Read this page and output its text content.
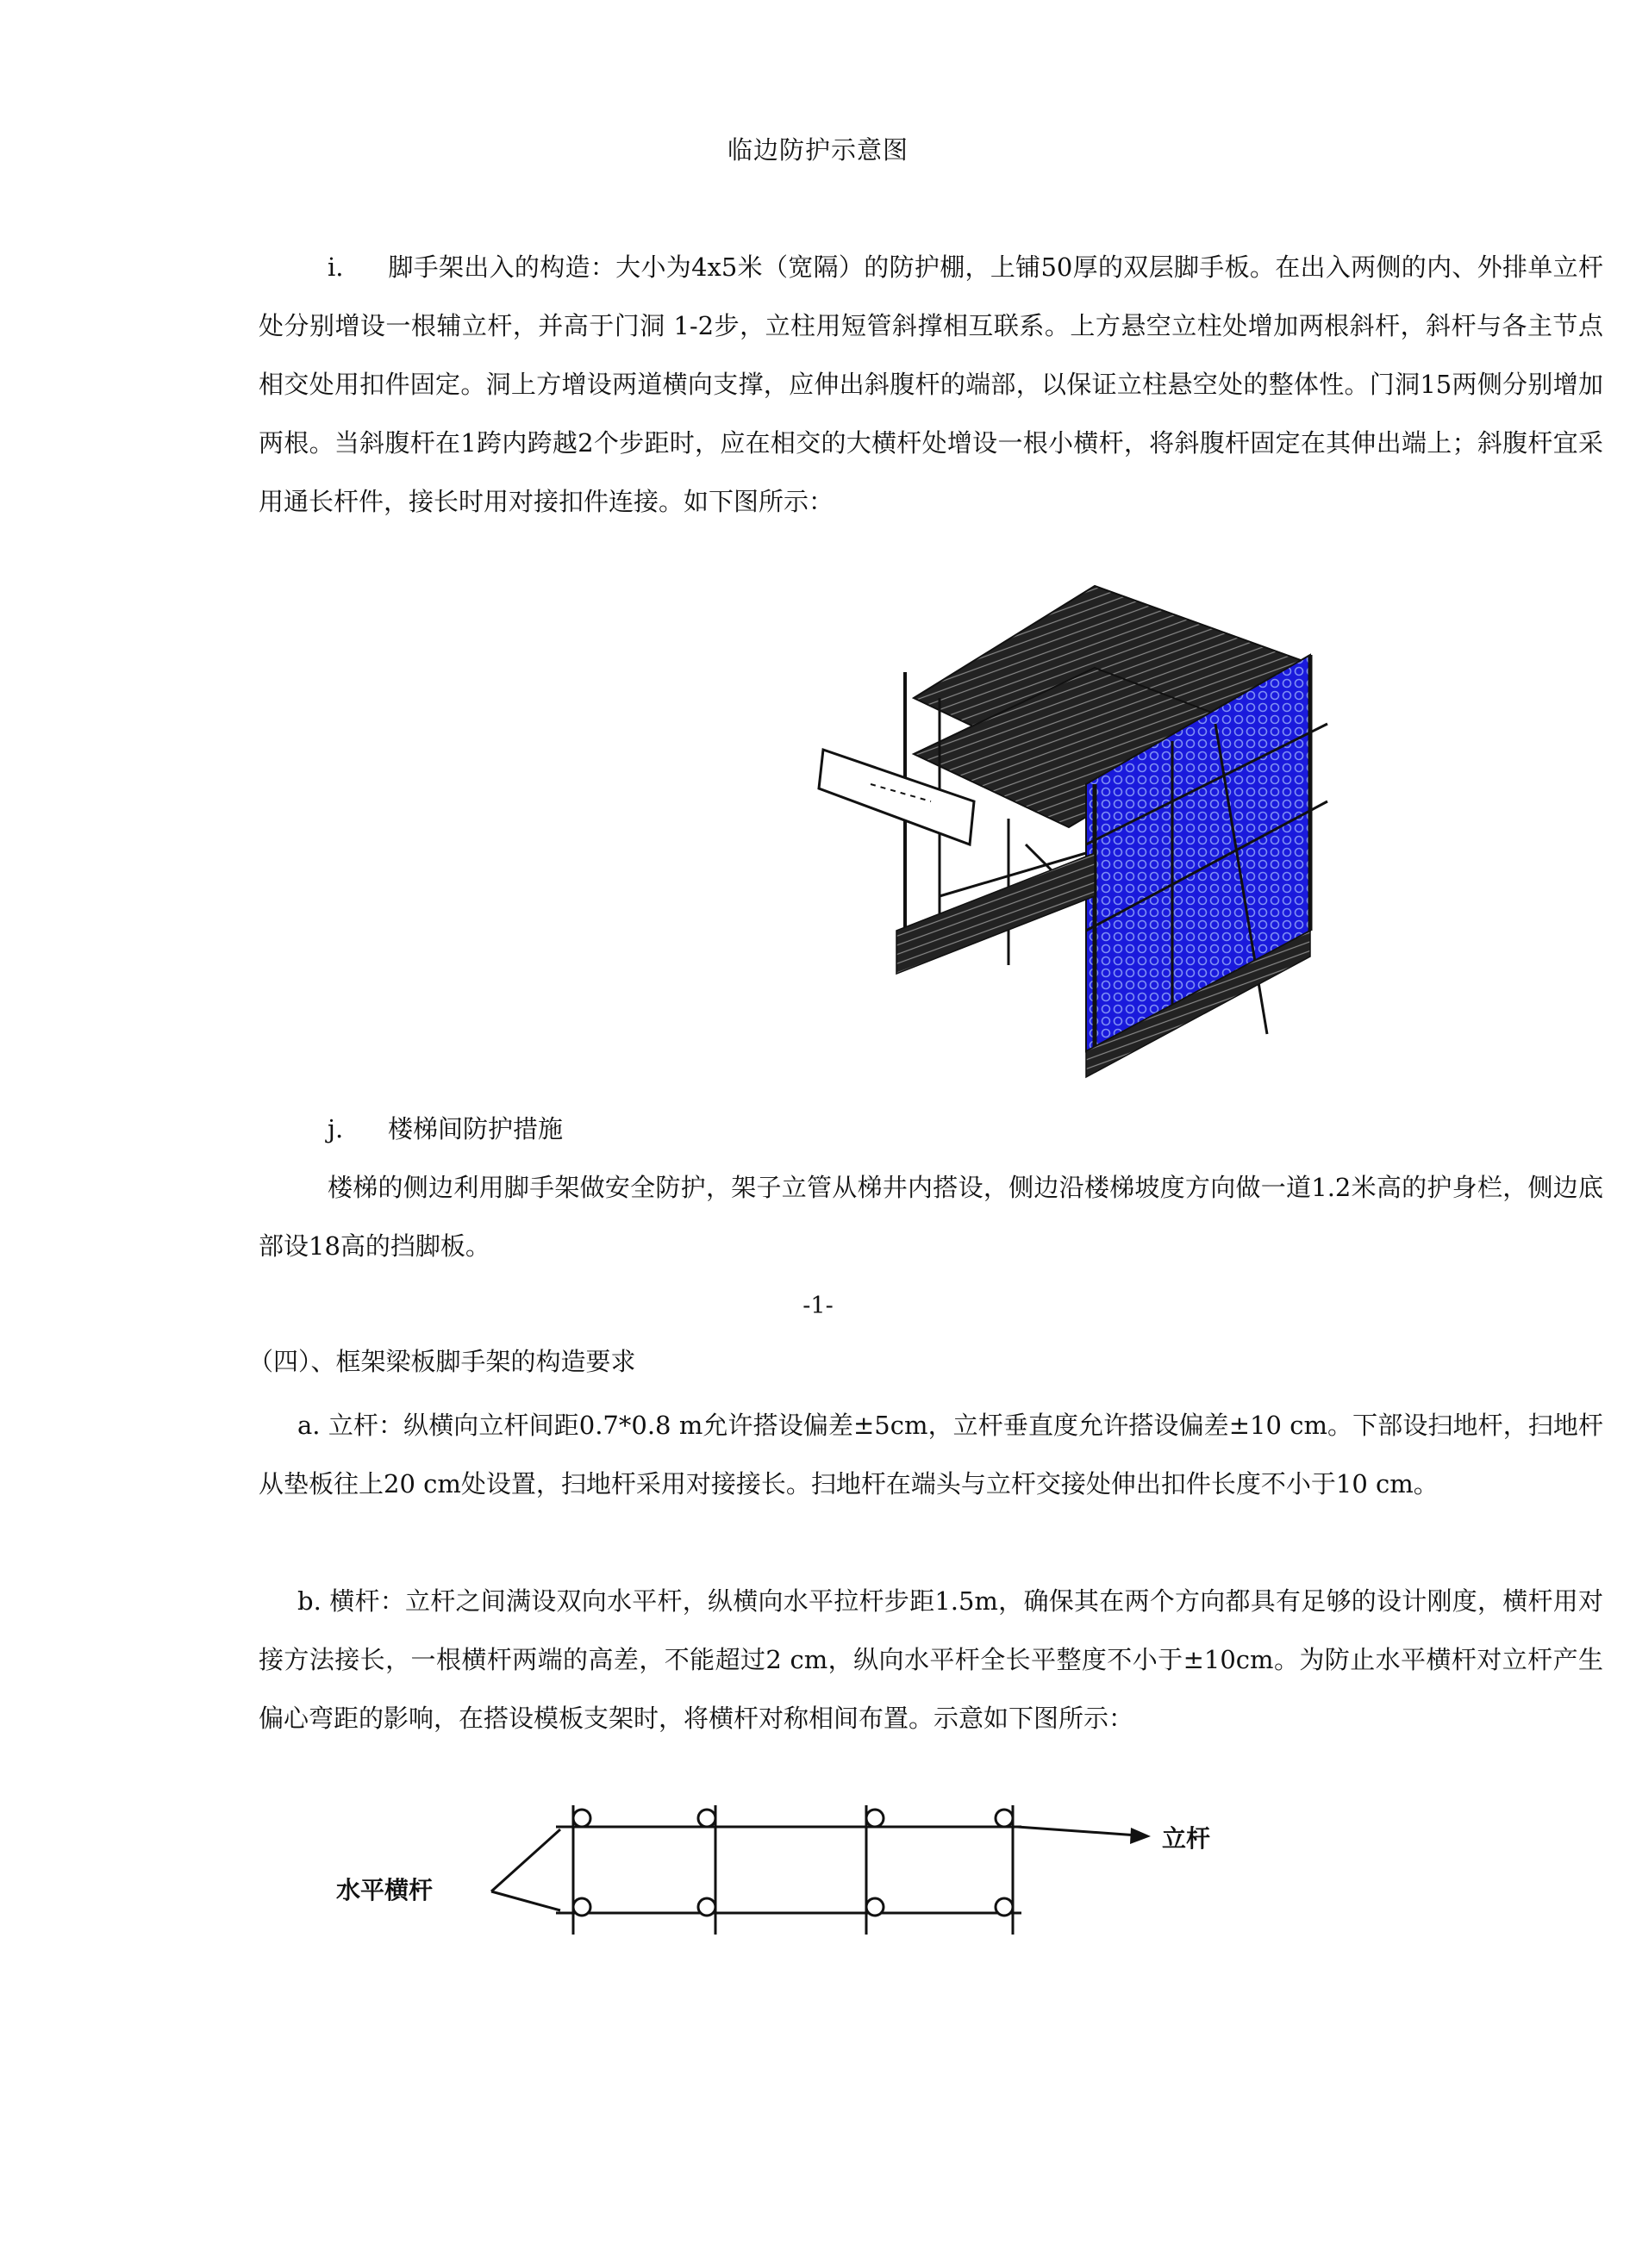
临边防护示意图

i. 脚手架出入的构造：大小为4x5米（宽隔）的防护棚，上铺50厚的双层脚手板。在出入两侧的内、外排单立杆处分别增设一根辅立杆，并高于门洞 1-2步，立柱用短管斜撑相互联系。上方悬空立柱处增加两根斜杆，斜杆与各主节点相交处用扣件固定。洞上方增设两道横向支撑，应伸出斜腹杆的端部，以保证立柱悬空处的整体性。门洞15两侧分别增加两根。当斜腹杆在1跨内跨越2个步距时，应在相交的大横杆处增设一根小横杆，将斜腹杆固定在其伸出端上；斜腹杆宜采用通长杆件，接长时用对接扣件连接。如下图所示：

j. 楼梯间防护措施

楼梯的侧边利用脚手架做安全防护，架子立管从梯井内搭设，侧边沿楼梯坡度方向做一道1.2米高的护身栏，侧边底部设18高的挡脚板。

-1-
（四）、框架梁板脚手架的构造要求

a. 立杆：纵横向立杆间距0.7*0.8 m允许搭设偏差±5cm，立杆垂直度允许搭设偏差±10 cm。下部设扫地杆，扫地杆从垫板往上20 cm处设置，扫地杆采用对接接长。扫地杆在端头与立杆交接处伸出扣件长度不小于10 cm。

b. 横杆：立杆之间满设双向水平杆，纵横向水平拉杆步距1.5m，确保其在两个方向都具有足够的设计刚度，横杆用对接方法接长，一根横杆两端的高差，不能超过2 cm，纵向水平杆全长平整度不小于±10cm。为防止水平横杆对立杆产生偏心弯距的影响，在搭设模板支架时，将横杆对称相间布置。示意如下图所示：

水平横杆
立杆
